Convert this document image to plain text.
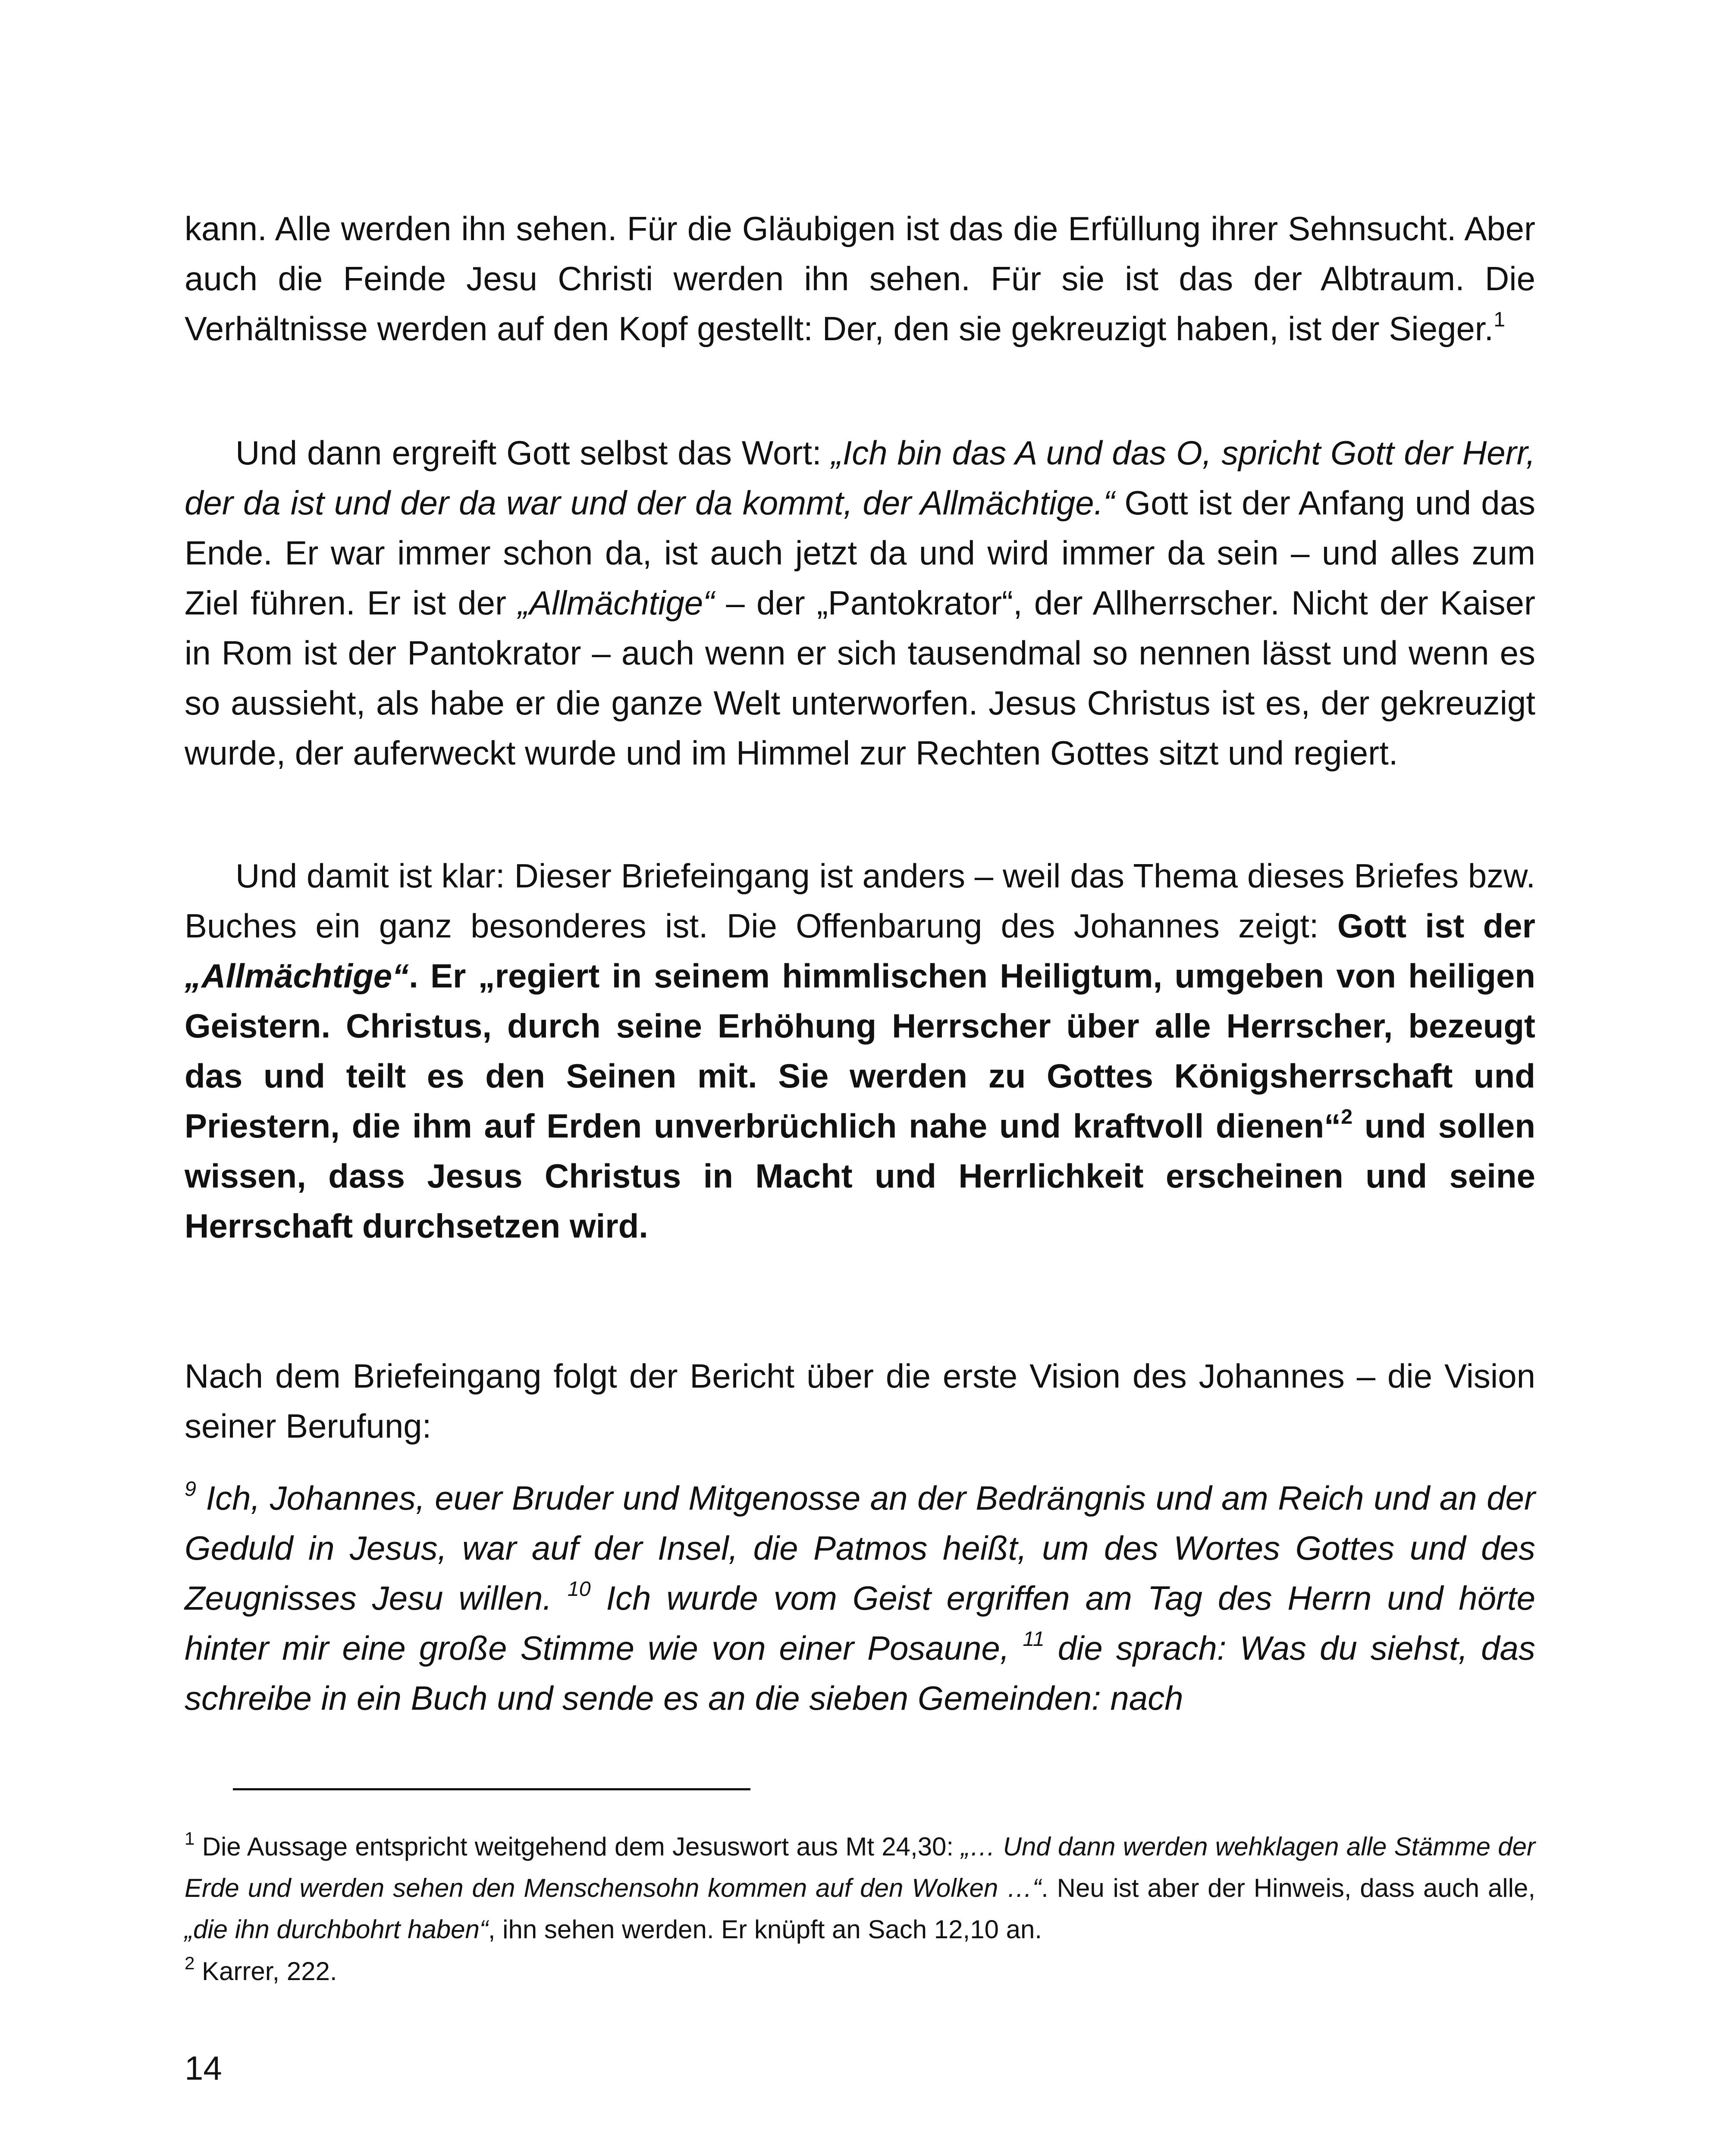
kann. Alle werden ihn sehen. Für die Gläubigen ist das die Erfüllung ihrer Sehnsucht. Aber auch die Feinde Jesu Christi werden ihn sehen. Für sie ist das der Albtraum. Die Verhältnisse werden auf den Kopf gestellt: Der, den sie gekreuzigt haben, ist der Sieger.$^1$

Und dann ergreift Gott selbst das Wort: „Ich bin das A und das O, spricht Gott der Herr, der da ist und der da war und der da kommt, der Allmächtige.“ Gott ist der Anfang und das Ende. Er war immer schon da, ist auch jetzt da und wird immer da sein – und alles zum Ziel führen. Er ist der „Allmächtige“ – der „Pantokrator“, der Allherrscher. Nicht der Kaiser in Rom ist der Pantokrator – auch wenn er sich tausendmal so nennen lässt und wenn es so aussieht, als habe er die ganze Welt unterworfen. Jesus Christus ist es, der gekreuzigt wurde, der auferweckt wurde und im Himmel zur Rechten Gottes sitzt und regiert.

Und damit ist klar: Dieser Briefeingang ist anders – weil das Thema dieses Briefes bzw. Buches ein ganz besonderes ist. Die Offenbarung des Johannes zeigt: Gott ist der „Allmächtige“. Er „regiert in seinem himmlischen Heiligtum, umgeben von heiligen Geistern. Christus, durch seine Erhöhung Herrscher über alle Herrscher, bezeugt das und teilt es den Seinen mit. Sie werden zu Gottes Königsherrschaft und Priestern, die ihm auf Erden unverbrüchlich nahe und kraftvoll dienen“$^2$ und sollen wissen, dass Jesus Christus in Macht und Herrlichkeit erscheinen und seine Herrschaft durchsetzen wird.

Nach dem Briefeingang folgt der Bericht über die erste Vision des Johannes – die Vision seiner Berufung:

$^9$ Ich, Johannes, euer Bruder und Mitgenosse an der Bedrängnis und am Reich und an der Geduld in Jesus, war auf der Insel, die Patmos heißt, um des Wortes Gottes und des Zeugnisses Jesu willen. $^{10}$ Ich wurde vom Geist ergriffen am Tag des Herrn und hörte hinter mir eine große Stimme wie von einer Posaune, $^{11}$ die sprach: Was du siehst, das schreibe in ein Buch und sende es an die sieben Gemeinden: nach

$^1$ Die Aussage entspricht weitgehend dem Jesuswort aus Mt 24,30: „… Und dann werden wehklagen alle Stämme der Erde und werden sehen den Menschensohn kommen auf den Wolken …“. Neu ist aber der Hinweis, dass auch alle, „die ihn durchbohrt haben“, ihn sehen werden. Er knüpft an Sach 12,10 an.

$^2$ Karrer, 222.

14
